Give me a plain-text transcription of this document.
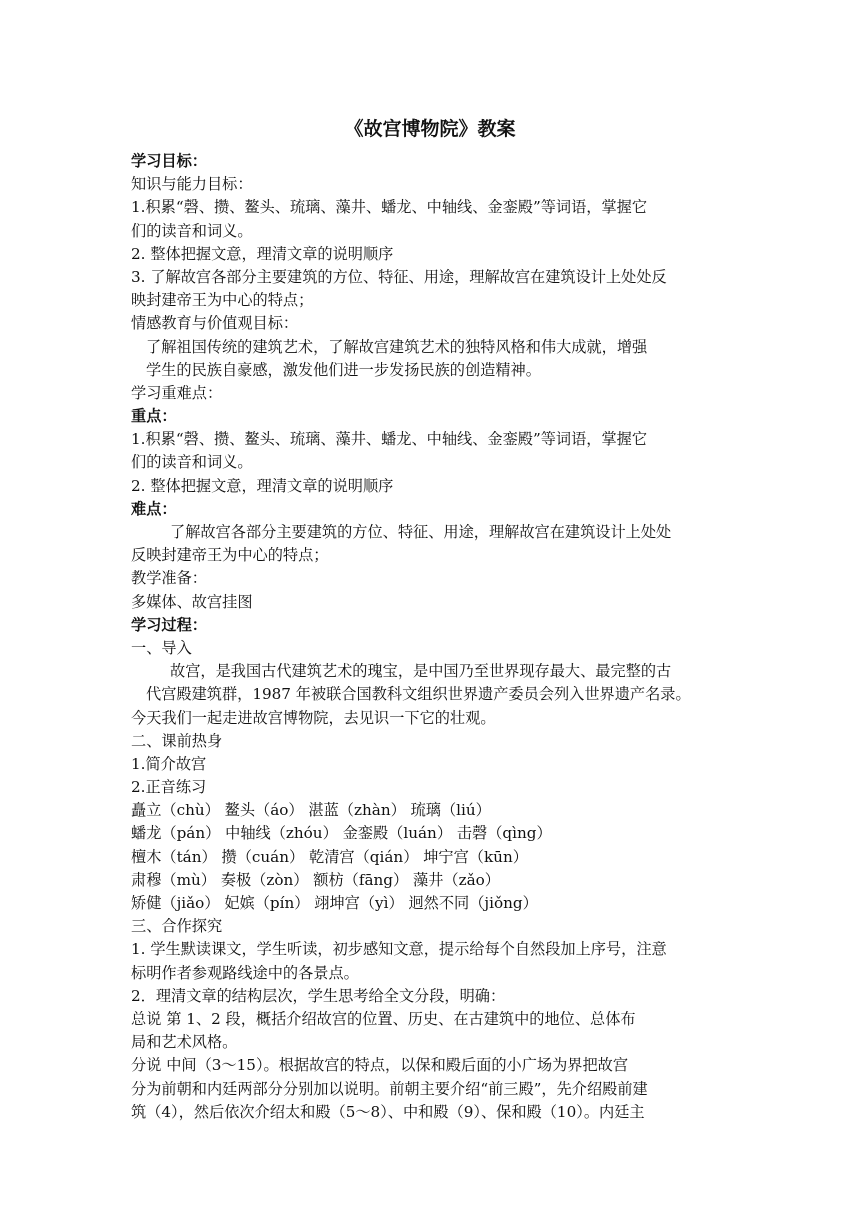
《故宫博物院》教案
学习目标：
知识与能力目标：
1.积累“磬、攒、鳌头、琉璃、藻井、蟠龙、中轴线、金銮殿”等词语，掌握它
们的读音和词义。
2. 整体把握文意，理清文章的说明顺序
3. 了解故宫各部分主要建筑的方位、特征、用途，理解故宫在建筑设计上处处反
映封建帝王为中心的特点；
情感教育与价值观目标：
了解祖国传统的建筑艺术，了解故宫建筑艺术的独特风格和伟大成就，增强
学生的民族自豪感，激发他们进一步发扬民族的创造精神。
学习重难点：
重点：
1.积累“磬、攒、鳌头、琉璃、藻井、蟠龙、中轴线、金銮殿”等词语，掌握它
们的读音和词义。
2. 整体把握文意，理清文章的说明顺序
难点：
了解故宫各部分主要建筑的方位、特征、用途，理解故宫在建筑设计上处处
反映封建帝王为中心的特点；
教学准备：
多媒体、故宫挂图
学习过程：
一、导入
故宫，是我国古代建筑艺术的瑰宝，是中国乃至世界现存最大、最完整的古
代宫殿建筑群，1987 年被联合国教科文组织世界遗产委员会列入世界遗产名录。
今天我们一起走进故宫博物院，去见识一下它的壮观。
二、课前热身
1.简介故宫
2.正音练习
矗立（chù） 鳌头（áo） 湛蓝（zhàn） 琉璃（liú）
蟠龙（pán） 中轴线（zhóu） 金銮殿（luán） 击磬（qìng）
檀木（tán） 攒（cuán） 乾清宫（qián） 坤宁宫（kūn）
肃穆（mù） 奏极（zòn） 额枋（fāng） 藻井（zǎo）
矫健（jiǎo） 妃嫔（pín） 翊坤宫（yì） 迥然不同（jiǒng）
三、合作探究
1. 学生默读课文，学生听读，初步感知文意，提示给每个自然段加上序号，注意
标明作者参观路线途中的各景点。
2．理清文章的结构层次，学生思考给全文分段，明确：
总说 第 1、2 段，概括介绍故宫的位置、历史、在古建筑中的地位、总体布
局和艺术风格。
分说 中间（3～15）。根据故宫的特点，以保和殿后面的小广场为界把故宫
分为前朝和内廷两部分分别加以说明。前朝主要介绍“前三殿”，先介绍殿前建
筑（4），然后依次介绍太和殿（5～8）、中和殿（9）、保和殿（10）。内廷主
